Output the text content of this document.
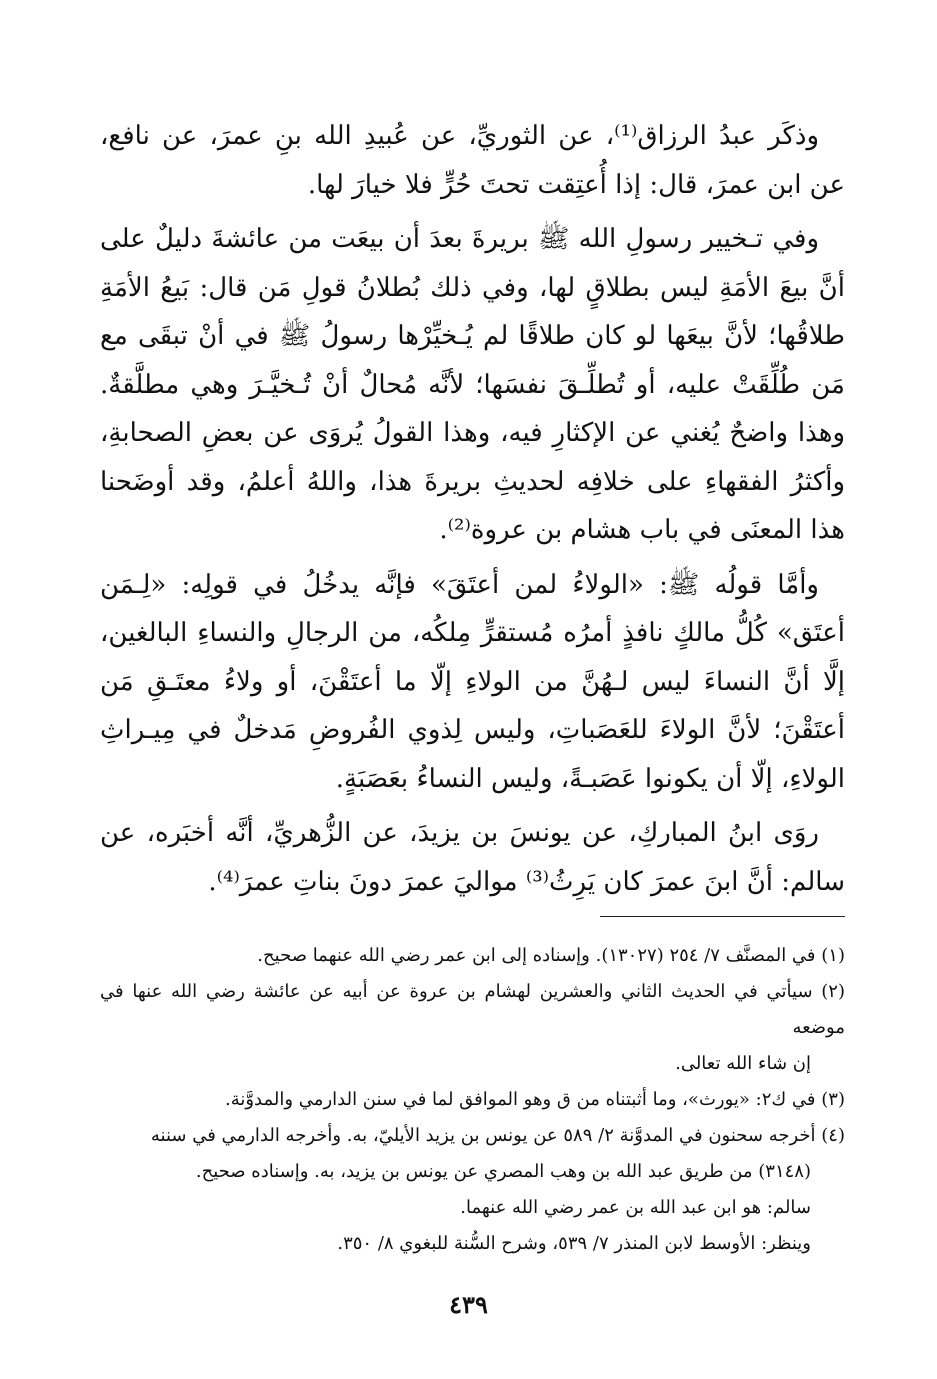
وذكَر عبدُ الرزاق⁽¹⁾، عن الثوريِّ، عن عُبيدِ الله بنِ عمرَ، عن نافع، عن ابن عمرَ، قال: إذا أُعتِقت تحتَ حُرٍّ فلا خيارَ لها.

وفي تـخيير رسولِ الله ﷺ بريرةَ بعدَ أن بيعَت من عائشةَ دليلٌ على أنَّ بيعَ الأمَةِ ليس بطلاقٍ لها، وفي ذلك بُطلانُ قولِ مَن قال: بَيعُ الأمَةِ طلاقُها؛ لأنَّ بيعَها لو كان طلاقًا لم يُـخيِّرْها رسولُ ﷺ في أنْ تبقَى مع مَن طُلِّقَتْ عليه، أو تُطلِّـقَ نفسَها؛ لأنَّه مُحالٌ أنْ تُـخيَّـرَ وهي مطلَّقةٌ. وهذا واضحٌ يُغني عن الإكثارِ فيه، وهذا القولُ يُروَى عن بعضِ الصحابةِ، وأكثرُ الفقهاءِ على خلافِه لحديثِ بريرةَ هذا، واللهُ أعلمُ، وقد أوضَحنا هذا المعنَى في باب هشام بن عروة⁽²⁾.

وأمَّا قولُه ﷺ: «الولاءُ لمن أعتَقَ» فإنَّه يدخُلُ في قولِه: «لِـمَن أعتَق» كُلُّ مالكٍ نافذٍ أمرُه مُستقرٍّ مِلكُه، من الرجالِ والنساءِ البالغين، إلَّا أنَّ النساءَ ليس لـهُنَّ من الولاءِ إلّا ما أعتَقْنَ، أو ولاءُ معتَـقِ مَن أعتَقْنَ؛ لأنَّ الولاءَ للعَصَباتِ، وليس لِذوي الفُروضِ مَدخلٌ في مِيـراثِ الولاءِ، إلّا أن يكونوا عَصَبـةً، وليس النساءُ بعَصَبَةٍ.

روَى ابنُ المباركِ، عن يونسَ بن يزيدَ، عن الزُّهريِّ، أنَّه أخبَره، عن سالم: أنَّ ابنَ عمرَ كان يَرِثُ⁽³⁾ مواليَ عمرَ دونَ بناتِ عمرَ⁽⁴⁾.

(١) في المصنَّف ٧/ ٢٥٤ (١٣٠٢٧). وإسناده إلى ابن عمر رضي الله عنهما صحيح.

(٢) سيأتي في الحديث الثاني والعشرين لهشام بن عروة عن أبيه عن عائشة رضي الله عنها في موضعه

إن شاء الله تعالى.

(٣) في ك٢: «يورث»، وما أثبتناه من ق وهو الموافق لما في سنن الدارمي والمدوَّنة.

(٤) أخرجه سحنون في المدوَّنة ٢/ ٥٨٩ عن يونس بن يزيد الأيليّ، به. وأخرجه الدارمي في سننه

(٣١٤٨) من طريق عبد الله بن وهب المصري عن يونس بن يزيد، به. وإسناده صحيح.

سالم: هو ابن عبد الله بن عمر رضي الله عنهما.

وينظر: الأوسط لابن المنذر ٧/ ٥٣٩، وشرح السُّنة للبغوي ٨/ ٣٥٠.

٤٣٩
